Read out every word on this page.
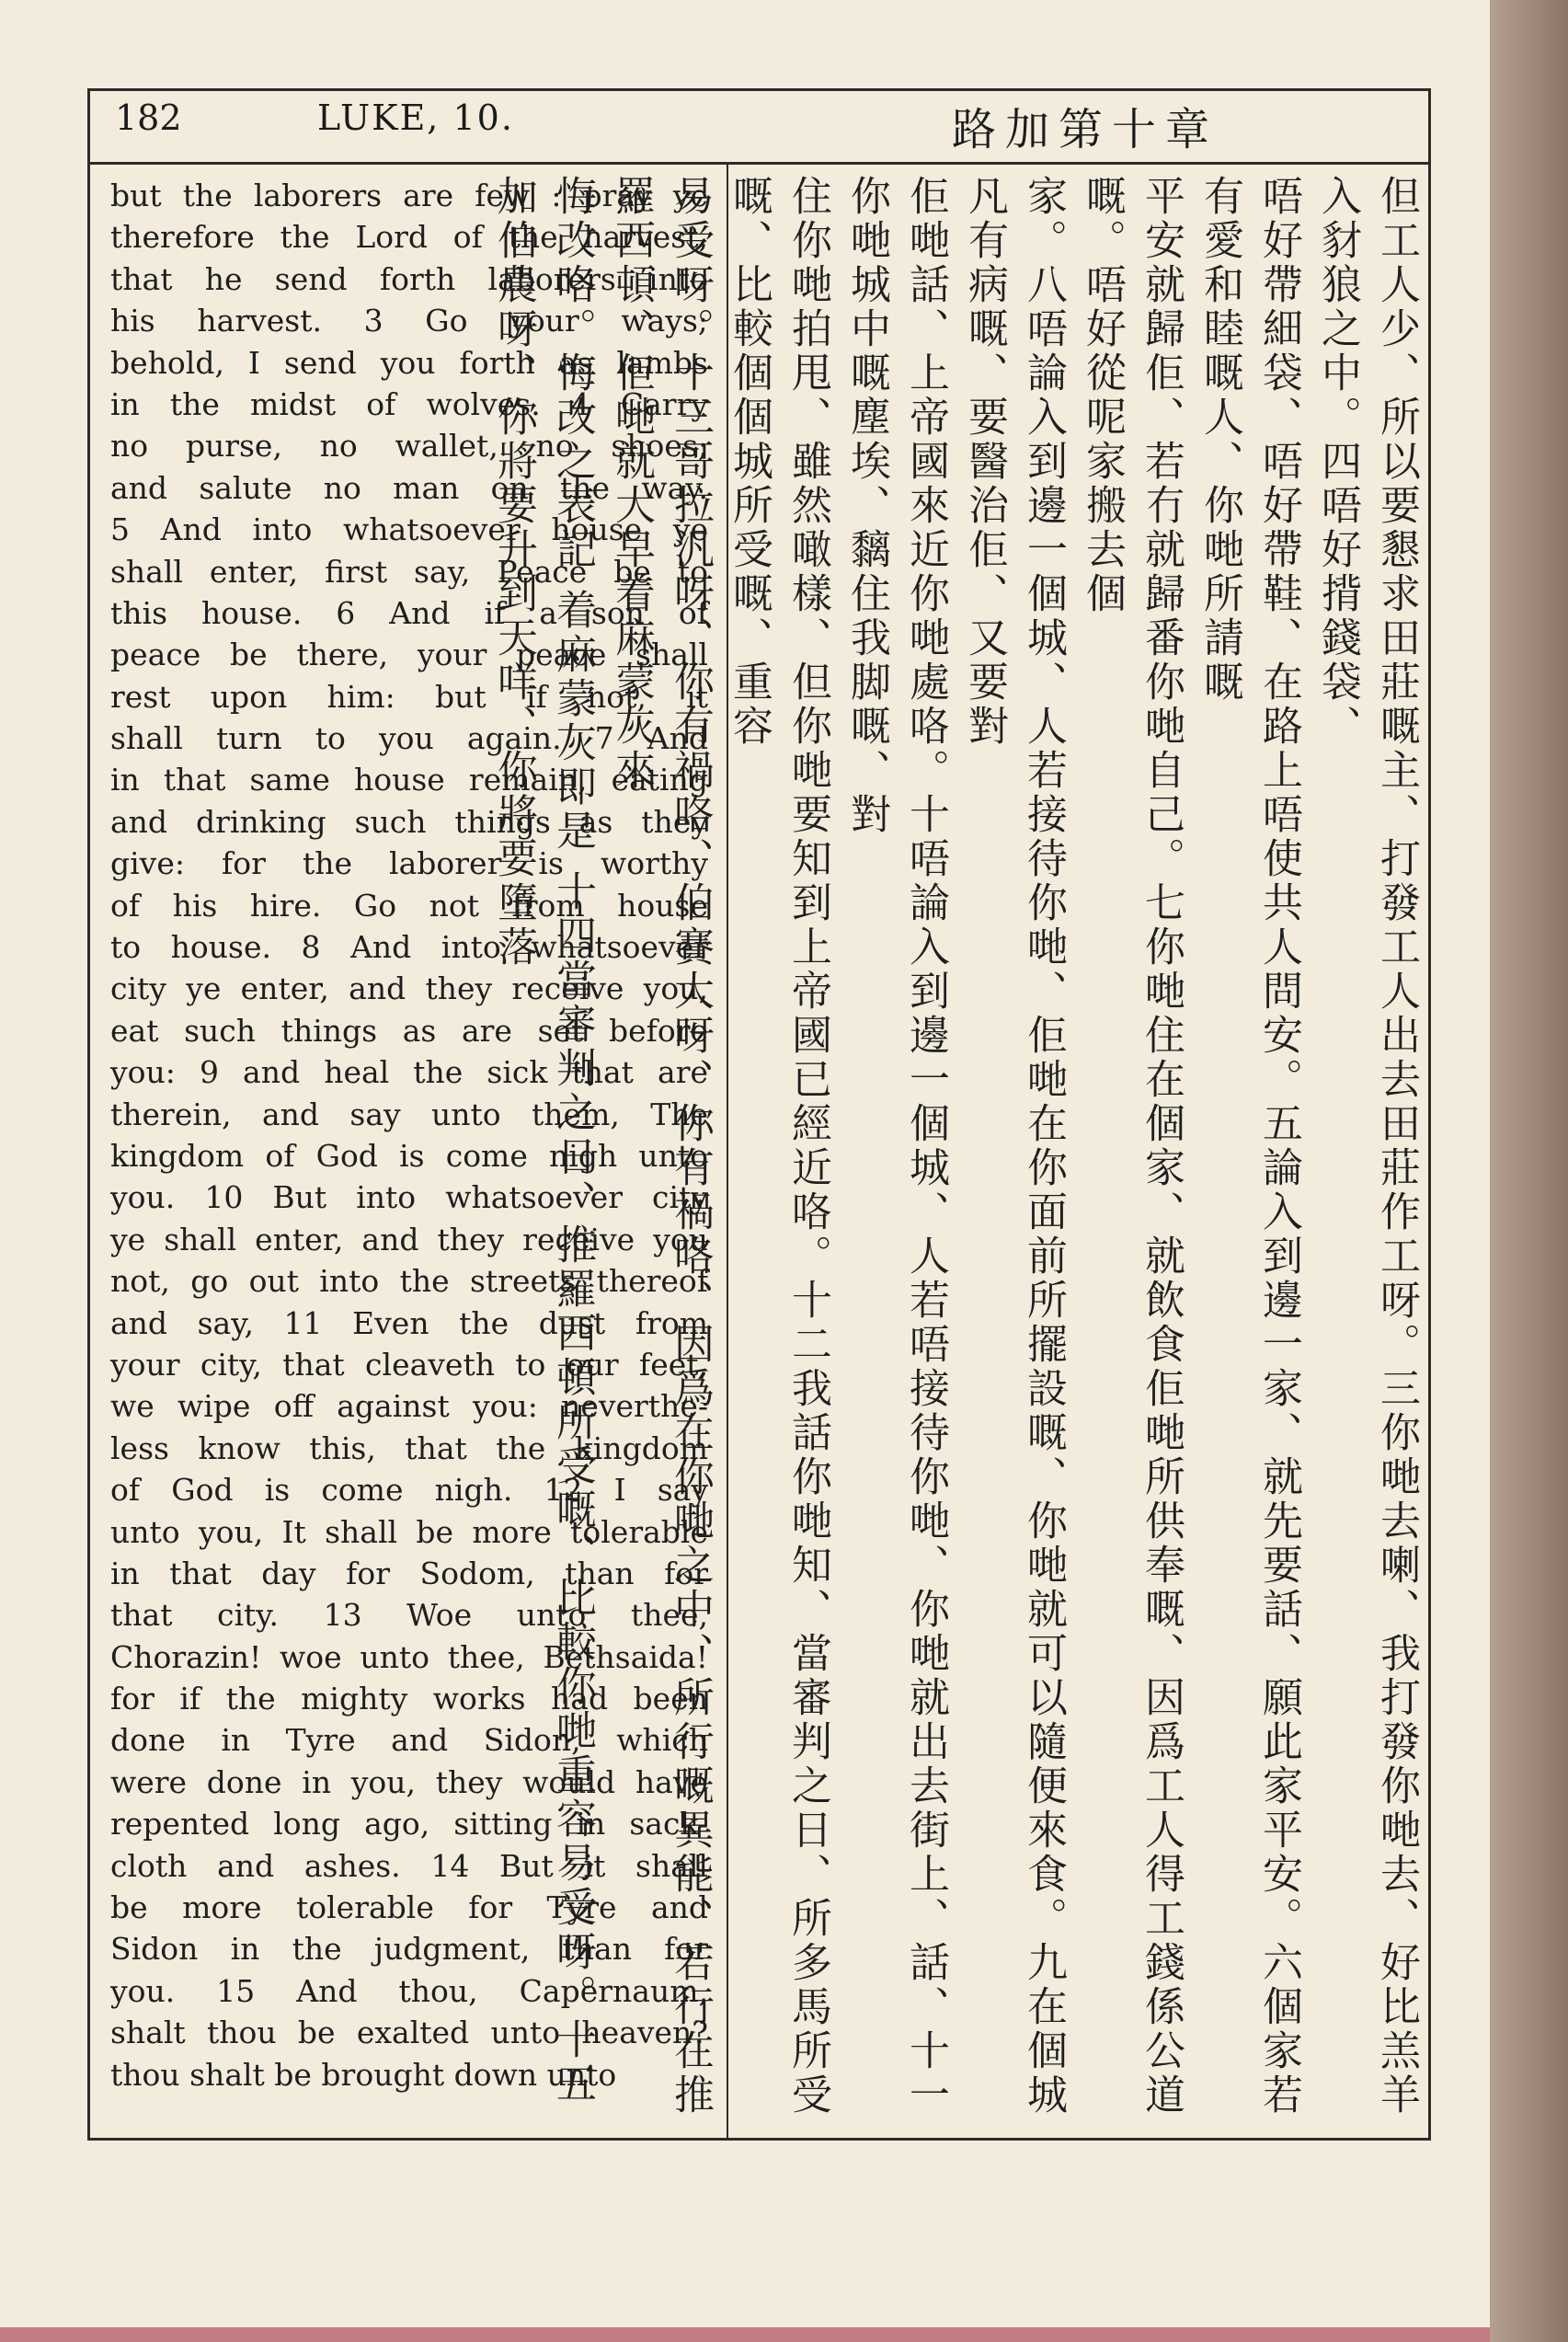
182	LUKE, 10.	路加第十章
but the laborers are few : pray ye
therefore the Lord of the harvest,
that he send forth laborers into
his harvest. 3 Go your ways;
behold, I send you forth as lambs
in the midst of wolves. 4 Carry
no purse, no wallet, no shoes;
and salute no man on the way.
5 And into whatsoever house ye
shall enter, first say, Peace be to
this house. 6 And if a son of
peace be there, your peace shall
rest upon him: but if not, it
shall turn to you again. 7 And
in that same house remain, eating
and drinking such things as they
give: for the laborer is worthy
of his hire. Go not from house
to house. 8 And into whatsoever
city ye enter, and they receive you,
eat such things as are set before
you: 9 and heal the sick that are
therein, and say unto them, The
kingdom of God is come nigh unto
you. 10 But into whatsoever city
ye shall enter, and they receive you
not, go out into the streets thereof
and say, 11 Even the dust from
your city, that cleaveth to our feet,
we wipe off against you: neverthe-
less know this, that the kingdom
of God is come nigh. 12 I say
unto you, It shall be more tolerable
in that day for Sodom, than for
that city. 13 Woe unto thee,
Chorazin! woe unto thee, Bethsaida!
for if the mighty works had been
done in Tyre and Sidon, which
were done in you, they would have
repented long ago, sitting in sack-
cloth and ashes. 14 But it shall
be more tolerable for Tyre and
Sidon in the judgment, than for
you. 15 And thou, Capernaum,
shalt thou be exalted unto heaven?
thou shalt be brought down unto	但工人少、所以要懇求田莊嘅主、打發工人出去田莊作工呀。三你哋去喇、我打發你哋去、好比羔羊入豺狼之中。四唔好揹錢袋、
唔好帶細袋、唔好帶鞋、在路上唔使共人問安。五論入到邊一家、就先要話、願此家平安。六個家若有愛和睦嘅人、你哋所請嘅
平安就歸佢、若冇就歸番你哋自己。七你哋住在個家、就飲食佢哋所供奉嘅、因爲工人得工錢係公道嘅。唔好從呢家搬去個
家。八唔論入到邊一個城、人若接待你哋、佢哋在你面前所擺設嘅、你哋就可以隨便來食。九在個城凡有病嘅、要醫治佢、又要對
佢哋話、上帝國來近你哋處咯。十唔論入到邊一個城、人若唔接待你哋、你哋就出去街上、話、十一你哋城中嘅塵埃、黐住我脚嘅、對
住你哋拍甩、雖然噉樣、但你哋要知到上帝國已經近咯。十二我話你哋知、當審判之日、所多馬所受嘅、比較個個城所受嘅、重容
易受呀。十三哥拉汎呀、你有禍咯、伯賽大呀、你有禍咯、因爲在你哋之中、所行嘅異能、若行在推羅西頓、佢哋就大早着麻蒙灰來
悔改咯。悔改之表記 着麻蒙灰即是 十四當審判之日、推羅西頓所受嘅、比較你哋重容易受呀。十五加伯農呀、你將要升到天咩、你將要墮落
